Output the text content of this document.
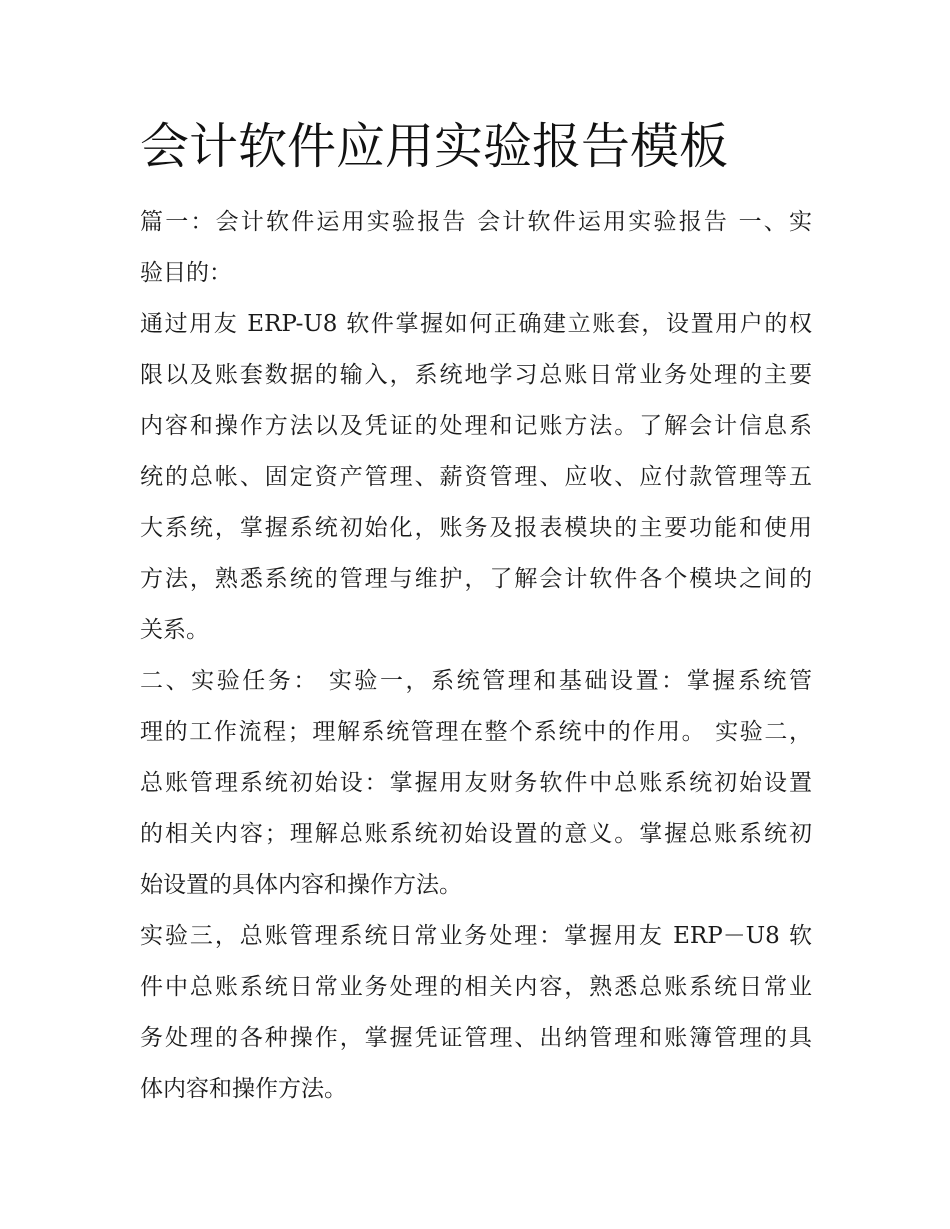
会计软件应用实验报告模板

篇一：会计软件运用实验报告 会计软件运用实验报告 一、实
验目的：

通过用友 ERP-U8 软件掌握如何正确建立账套，设置用户的权
限以及账套数据的输入，系统地学习总账日常业务处理的主要
内容和操作方法以及凭证的处理和记账方法。了解会计信息系
统的总帐、固定资产管理、薪资管理、应收、应付款管理等五
大系统，掌握系统初始化，账务及报表模块的主要功能和使用
方法，熟悉系统的管理与维护，了解会计软件各个模块之间的
关系。

二、实验任务： 实验一，系统管理和基础设置：掌握系统管
理的工作流程；理解系统管理在整个系统中的作用。 实验二，
总账管理系统初始设：掌握用友财务软件中总账系统初始设置
的相关内容；理解总账系统初始设置的意义。掌握总账系统初
始设置的具体内容和操作方法。

实验三，总账管理系统日常业务处理：掌握用友 ERP－U8 软
件中总账系统日常业务处理的相关内容，熟悉总账系统日常业
务处理的各种操作，掌握凭证管理、出纳管理和账簿管理的具
体内容和操作方法。
